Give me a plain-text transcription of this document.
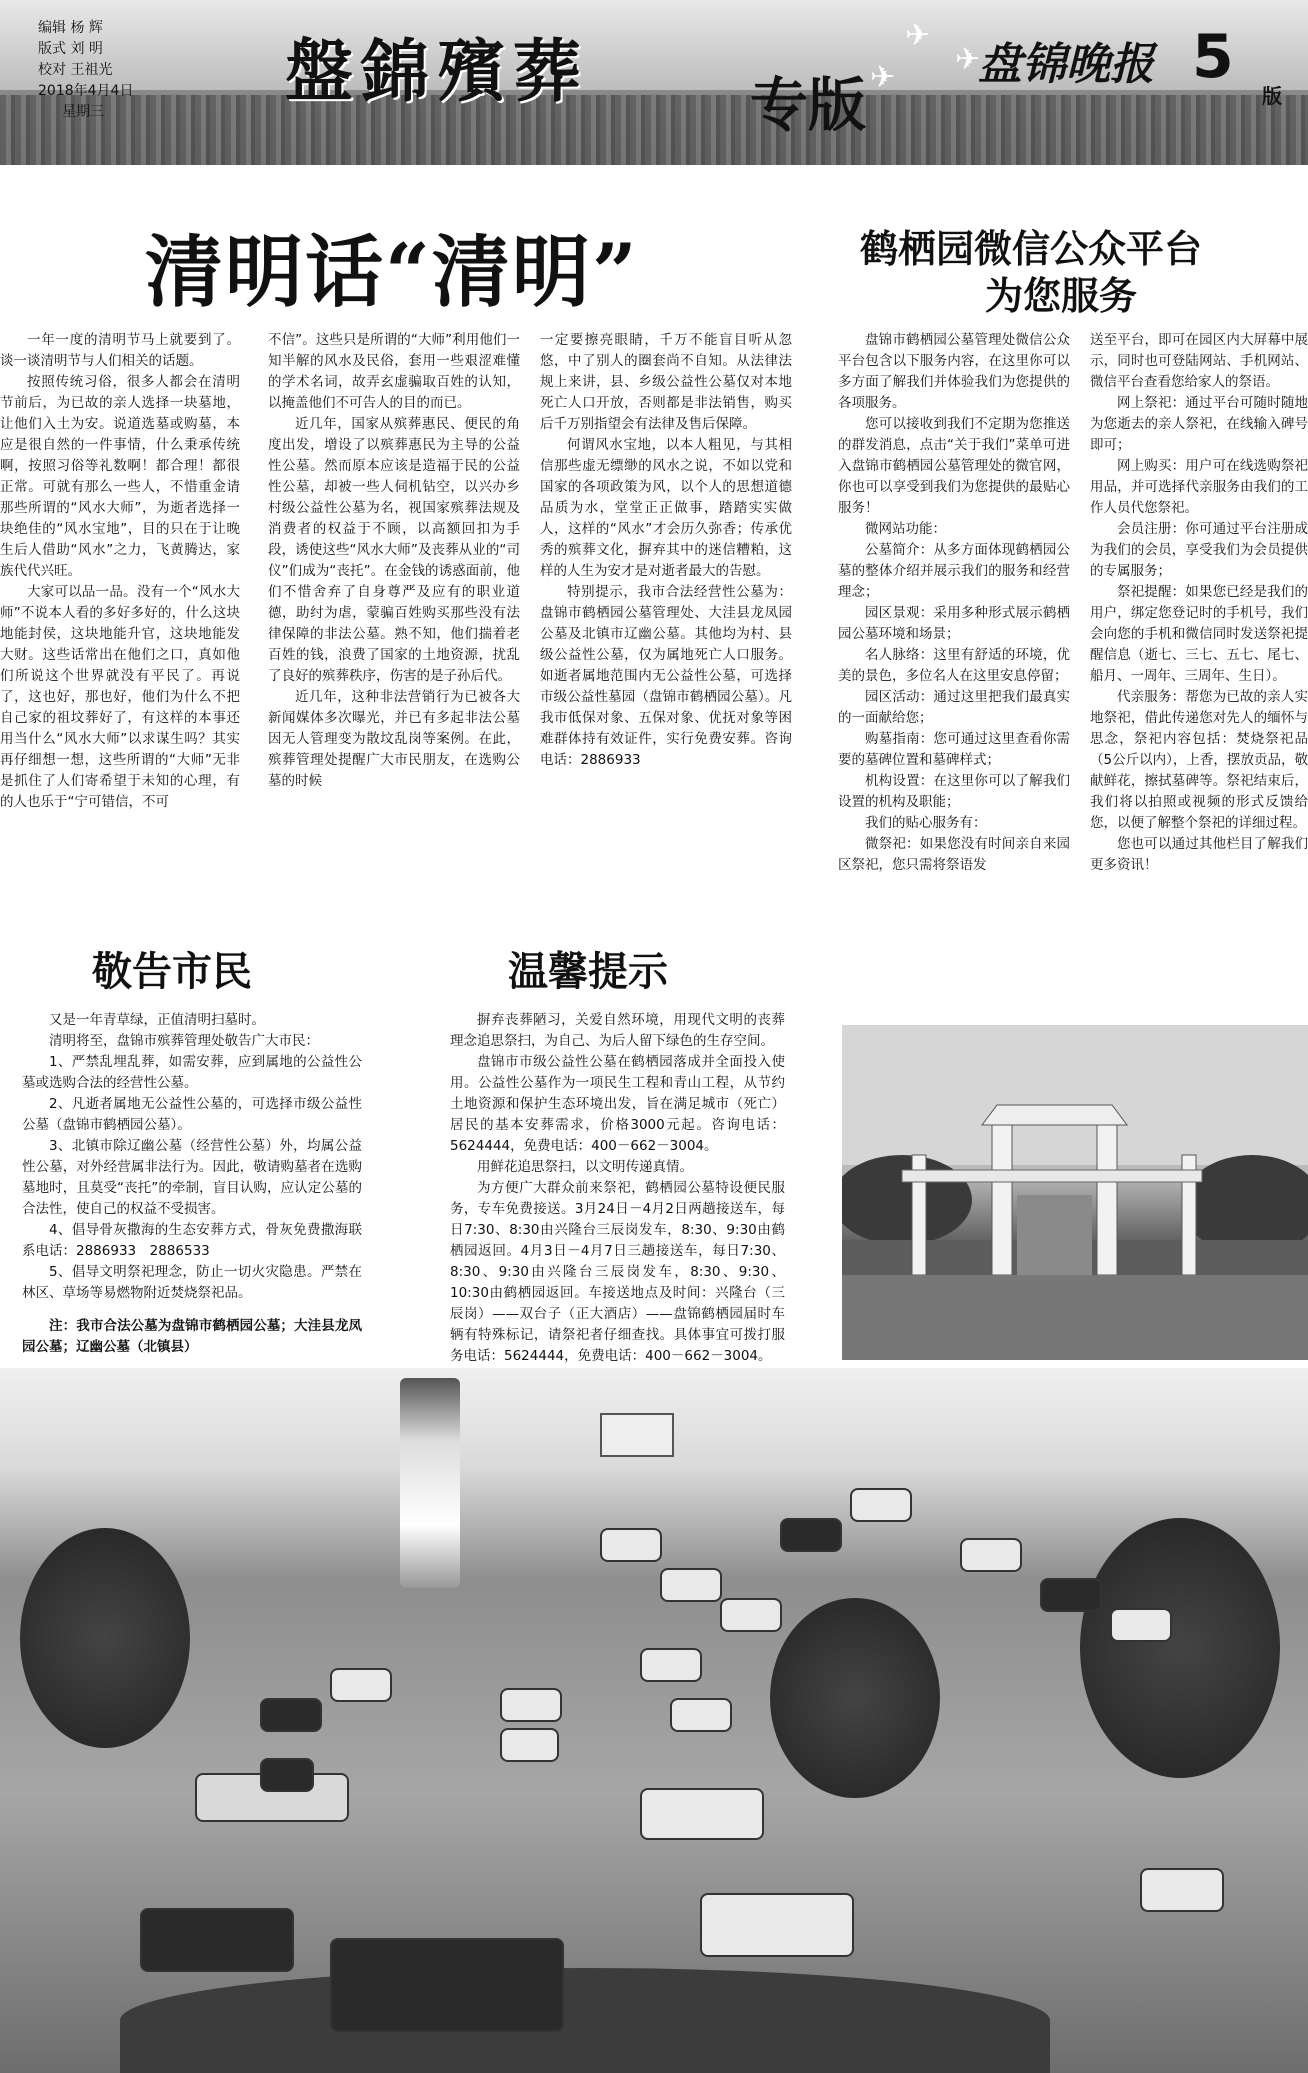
✈
✈
✈
编辑 杨 辉
版式 刘 明
校对 王祖光
2018年4月4日
星期三	盤錦殯葬	专版
盘锦晚报 5
版
清明话“清明”	鹤栖园微信公众平台
为您服务
敬告市民	温馨提示

一年一度的清明节马上就要到了。谈一谈清明节与人们相关的话题。

按照传统习俗，很多人都会在清明节前后，为已故的亲人选择一块墓地，让他们入土为安。说道选墓或购墓，本应是很自然的一件事情，什么秉承传统啊，按照习俗等礼数啊！都合理！都很正常。可就有那么一些人，不惜重金请那些所谓的“风水大师”，为逝者选择一块绝佳的“风水宝地”，目的只在于让晚生后人借助“风水”之力，飞黄腾达，家族代代兴旺。

大家可以品一品。没有一个“风水大师”不说本人看的多好多好的，什么这块地能封侯，这块地能升官，这块地能发大财。这些话常出在他们之口，真如他们所说这个世界就没有平民了。再说了，这也好，那也好，他们为什么不把自己家的祖坟葬好了，有这样的本事还用当什么“风水大师”以求谋生吗？其实再仔细想一想，这些所谓的“大师”无非是抓住了人们寄希望于未知的心理，有的人也乐于“宁可错信，不可

不信”。这些只是所谓的“大师”利用他们一知半解的风水及民俗，套用一些艰涩难懂的学术名词，故弄玄虚骗取百姓的认知，以掩盖他们不可告人的目的而已。

近几年，国家从殡葬惠民、便民的角度出发，增设了以殡葬惠民为主导的公益性公墓。然而原本应该是造福于民的公益性公墓，却被一些人伺机钻空，以兴办乡村级公益性公墓为名，视国家殡葬法规及消费者的权益于不顾，以高额回扣为手段，诱使这些“风水大师”及丧葬从业的“司仪”们成为“丧托”。在金钱的诱惑面前，他们不惜舍弃了自身尊严及应有的职业道德，助纣为虐，蒙骗百姓购买那些没有法律保障的非法公墓。熟不知，他们揣着老百姓的钱，浪费了国家的土地资源，扰乱了良好的殡葬秩序，伤害的是子孙后代。

近几年，这种非法营销行为已被各大新闻媒体多次曝光，并已有多起非法公墓因无人管理变为散坟乱岗等案例。在此，殡葬管理处提醒广大市民朋友，在选购公墓的时候

一定要擦亮眼睛，千万不能盲目听从忽悠，中了别人的圈套尚不自知。从法律法规上来讲，县、乡级公益性公墓仅对本地死亡人口开放，否则都是非法销售，购买后千万别指望会有法律及售后保障。

何谓风水宝地，以本人粗见，与其相信那些虚无缥缈的风水之说，不如以党和国家的各项政策为风，以个人的思想道德品质为水，堂堂正正做事，踏踏实实做人，这样的“风水”才会历久弥香；传承优秀的殡葬文化，摒弃其中的迷信糟粕，这样的人生为安才是对逝者最大的告慰。

特别提示，我市合法经营性公墓为：盘锦市鹤栖园公墓管理处、大洼县龙凤园公墓及北镇市辽幽公墓。其他均为村、县级公益性公墓，仅为属地死亡人口服务。如逝者属地范围内无公益性公墓，可选择市级公益性墓园（盘锦市鹤栖园公墓）。凡我市低保对象、五保对象、优抚对象等困难群体持有效证件，实行免费安葬。咨询电话：2886933

盘锦市鹤栖园公墓管理处微信公众平台包含以下服务内容，在这里你可以多方面了解我们并体验我们为您提供的各项服务。

您可以接收到我们不定期为您推送的群发消息，点击“关于我们”菜单可进入盘锦市鹤栖园公墓管理处的微官网，你也可以享受到我们为您提供的最贴心服务！

微网站功能：

公墓简介：从多方面体现鹤栖园公墓的整体介绍并展示我们的服务和经营理念；

园区景观：采用多种形式展示鹤栖园公墓环境和场景；

名人脉络：这里有舒适的环境，优美的景色，多位名人在这里安息停留；

园区活动：通过这里把我们最真实的一面献给您；

购墓指南：您可通过这里查看你需要的墓碑位置和墓碑样式；

机构设置：在这里你可以了解我们设置的机构及职能；

我们的贴心服务有：

微祭祀：如果您没有时间亲自来园区祭祀，您只需将祭语发

送至平台，即可在园区内大屏幕中展示，同时也可登陆网站、手机网站、微信平台查看您给家人的祭语。

网上祭祀：通过平台可随时随地为您逝去的亲人祭祀，在线输入碑号即可；

网上购买：用户可在线选购祭祀用品，并可选择代亲服务由我们的工作人员代您祭祀。

会员注册：你可通过平台注册成为我们的会员，享受我们为会员提供的专属服务；

祭祀提醒：如果您已经是我们的用户，绑定您登记时的手机号，我们会向您的手机和微信同时发送祭祀提醒信息（逝七、三七、五七、尾七、船月、一周年、三周年、生日）。

代亲服务：帮您为已故的亲人实地祭祀，借此传递您对先人的缅怀与思念，祭祀内容包括：焚烧祭祀品（5公斤以内），上香，摆放贡品，敬献鲜花，擦拭墓碑等。祭祀结束后，我们将以拍照或视频的形式反馈给您，以便了解整个祭祀的详细过程。

您也可以通过其他栏目了解我们更多资讯！

又是一年青草绿，正值清明扫墓时。

清明将至，盘锦市殡葬管理处敬告广大市民：

1、严禁乱埋乱葬，如需安葬，应到属地的公益性公墓或选购合法的经营性公墓。

2、凡逝者属地无公益性公墓的，可选择市级公益性公墓（盘锦市鹤栖园公墓）。

3、北镇市除辽幽公墓（经营性公墓）外，均属公益性公墓，对外经营属非法行为。因此，敬请购墓者在选购墓地时，且莫受“丧托”的牵制，盲目认购，应认定公墓的合法性，使自己的权益不受损害。

4、倡导骨灰撒海的生态安葬方式，骨灰免费撒海联系电话：2886933　2886533

5、倡导文明祭祀理念，防止一切火灾隐患。严禁在林区、草场等易燃物附近焚烧祭祀品。

注：我市合法公墓为盘锦市鹤栖园公墓；大洼县龙凤园公墓；辽幽公墓（北镇县）

摒弃丧葬陋习，关爱自然环境，用现代文明的丧葬理念追思祭扫，为自己、为后人留下绿色的生存空间。

盘锦市市级公益性公墓在鹤栖园落成并全面投入使用。公益性公墓作为一项民生工程和青山工程，从节约土地资源和保护生态环境出发，旨在满足城市（死亡）居民的基本安葬需求，价格3000元起。咨询电话：5624444，免费电话：400－662－3004。

用鲜花追思祭扫，以文明传递真情。

为方便广大群众前来祭祀，鹤栖园公墓特设便民服务，专车免费接送。3月24日－4月2日两趟接送车，每日7:30、8:30由兴隆台三辰岗发车，8:30、9:30由鹤栖园返回。4月3日－4月7日三趟接送车，每日7:30、8:30、9:30由兴隆台三辰岗发车，8:30、9:30、10:30由鹤栖园返回。车接送地点及时间：兴隆台（三辰岗）——双台子（正大酒店）——盘锦鹤栖园届时车辆有特殊标记，请祭祀者仔细查找。具体事宜可拨打服务电话：5624444，免费电话：400－662－3004。
